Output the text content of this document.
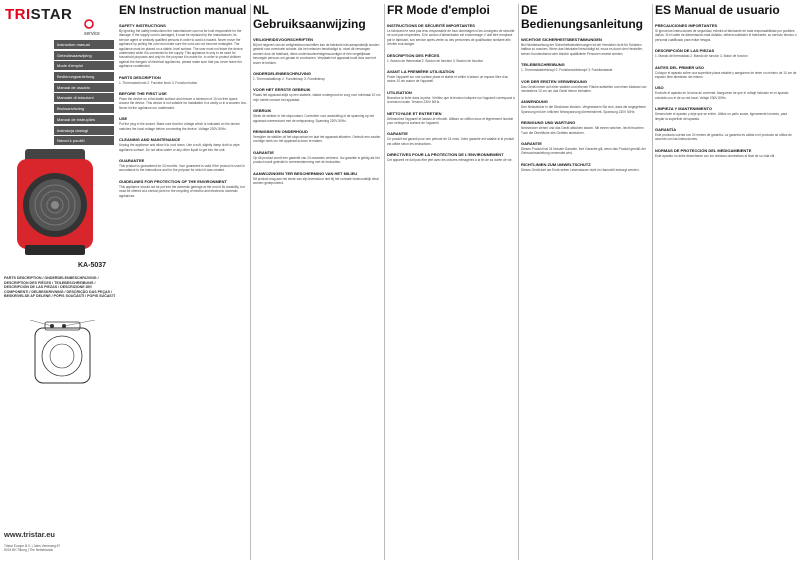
TRISTAR
service
Instruction manual
Gebruiksaanwijzing
Mode d'emploi
Bedienungsanleitung
Manual de usuario
Manuale di istruzioni
Bruksanvisning
Manual de instruções
Instrukcja obsługi
Návod k použití
KA-5037
PARTS DESCRIPTION / ONDERDELENBESCHRIJVING / DESCRIPTION DES PIÈCES / TEILEBESCHREIBUNG / DESCRIPCIÓN DE LAS PIEZAS / DESCRIZIONE DEI COMPONENTI / DELBESKRIVNING / DESCRIÇÃO DAS PEÇAS / BESKRIVELSE AF DELENE / POPIS SOUČÁSTÍ / POPIS SÚČASTÍ
www.tristar.eu
Tristar Europe B.V. | Jules Verneweg 87
5015 BH Tilburg | The Netherlands
EN Instruction manual
SAFETY INSTRUCTIONS

By ignoring the safety instructions the manufacturer can not be hold responsible for the damage. If the supply cord is damaged, it must be replaced by the manufacturer, its service agent or similarly qualified persons in order to avoid a hazard. Never move the appliance by pulling the cord and make sure the cord can not become entangled. The appliance must be placed on a stable, level surface. The user must not leave the device unattended while it is connected to the supply. This appliance is only to be used for household purposes and only for the purpose it is made for. In order to protect children against the dangers of electrical appliances, please make sure that you never leave the appliance unattended.

PARTS DESCRIPTION

1. Thermostat knob 2. Function knob 3. Function button

BEFORE THE FIRST USE

Place the device on a flat stable surface and ensure a minimum of 10 cm free space around the device. This device is not suitable for installation in a cavity or in a wooden box. Never let the appliance run unattended.

USE

Put the plug in the socket. Make sure that the voltage which is indicated on the device matches the local voltage before connecting the device. Voltage 230V 50Hz.

CLEANING AND MAINTENANCE

Unplug the appliance and allow it to cool down. Use a soft, slightly damp cloth to wipe appliance surface. Do not allow water or any other liquid to get into the unit.

GUARANTEE

This product is guaranteed for 24 months. Your guarantee is valid if the product is used in accordance to the instructions and for the purpose for which it was created.

GUIDELINES FOR PROTECTION OF THE ENVIRONMENT

This appliance should not be put into the domestic garbage at the end of its durability, but must be offered at a central point for the recycling of electric and electronic domestic appliances.

NL Gebruiksaanwijzing
VEILIGHEIDSVOORSCHRIFTEN

Bij het negeren van de veiligheidsvoorschriften kan de fabrikant niet aansprakelijk worden gesteld voor eventuele schade. Als het netsnoer beschadigd is, moet dit vervangen worden door de fabrikant, diens onderhoudsvertegenwoordiger of een vergelijkbaar bevoegde persoon om gevaar te voorkomen. Verplaats het apparaat nooit door aan het snoer te trekken.

ONDERDELENBESCHRIJVING

1. Thermostaatknop 2. Functieknop 3. Functieknop

VOOR HET EERSTE GEBRUIK

Plaats het apparaat altijd op een stabiele, vlakke ondergrond en zorg voor minimaal 10 cm vrije ruimte rondom het apparaat.

GEBRUIK

Steek de stekker in het stopcontact. Controleer voor aansluiting of de spanning op het apparaat overeenkomt met de netspanning. Spanning 230V 50Hz.

REINIGING EN ONDERHOUD

Verwijder de stekker uit het stopcontact en laat het apparaat afkoelen. Gebruik een zachte, vochtige doek om het apparaat schoon te maken.

GARANTIE

Op dit product wordt een garantie van 24 maanden verleend. Uw garantie is geldig als het product wordt gebruikt in overeenstemming met de instructies.

AANWIJZINGEN TER BESCHERMING VAN HET MILIEU

Dit product mag aan het einde van zijn levensduur niet bij het normale huishoudelijk afval worden gedeponeerd.

FR Mode d'emploi
INSTRUCTIONS DE SÉCURITÉ IMPORTANTES

Le fabricant ne sera pas tenu responsable de tous dommages si les consignes de sécurité ne sont pas respectées. Si le cordon d'alimentation est endommagé, il doit être remplacé par le fabricant, son service après-vente ou des personnes de qualification similaire afin d'éviter tout danger.

DESCRIPTION DES PIÈCES

1. Bouton de thermostat 2. Bouton de fonction 3. Bouton de fonction

AVANT LA PREMIÈRE UTILISATION

Poser l'appareil sur une surface plane et stable et veiller à laisser un espace libre d'au moins 10 cm autour de l'appareil.

UTILISATION

Branchez la fiche dans la prise. Vérifiez que la tension indiquée sur l'appareil correspond à la tension locale. Tension 230V 50Hz.

NETTOYAGE ET ENTRETIEN

Débranchez l'appareil et laissez-le refroidir. Utilisez un chiffon doux et légèrement humide pour nettoyer la surface de l'appareil.

GARANTIE

Ce produit est garanti pour une période de 24 mois. Votre garantie est valable si le produit est utilisé selon les instructions.

DIRECTIVES POUR LA PROTECTION DE L'ENVIRONNEMENT

Cet appareil ne doit pas être jeté avec les ordures ménagères à la fin de sa durée de vie.

DE Bedienungsanleitung
WICHTIGE SICHERHEITSBESTIMMUNGEN

Bei Nichtbeachtung der Sicherheitsbestimmungen ist der Hersteller nicht für Schäden haftbar zu machen. Wenn das Netzkabel beschädigt ist, muss es durch den Hersteller, seinen Kundendienst oder ähnlich qualifizierte Personen ersetzt werden.

TEILEBESCHREIBUNG

1. Thermostatdrehknopf 2. Funktionsdrehknopf 3. Funktionstaste

VOR DER ERSTEN VERWENDUNG

Das Gerät immer auf einer stabilen und ebenen Fläche aufstellen und einen Abstand von mindestens 10 cm um das Gerät herum einhalten.

ANWENDUNG

Den Netzstecker in die Steckdose stecken. Vergewissern Sie sich, dass die angegebene Spannung mit der örtlichen Netzspannung übereinstimmt. Spannung 230V 50Hz.

REINIGUNG UND WARTUNG

Netzstecker ziehen und das Gerät abkühlen lassen. Mit einem weichen, leicht feuchten Tuch die Oberfläche des Gerätes abwischen.

GARANTIE

Dieses Produkt hat 24 Monate Garantie. Ihre Garantie gilt, wenn das Produkt gemäß der Gebrauchsanleitung verwendet wird.

RICHTLINIEN ZUM UMWELTSCHUTZ

Dieses Gerät darf am Ende seiner Lebensdauer nicht im Hausmüll entsorgt werden.

ES Manual de usuario
PRECAUCIONES IMPORTANTES

Si ignora las instrucciones de seguridad, eximirá al fabricante de toda responsabilidad por posibles daños. Si el cable de alimentación está dañado, deberá sustituirlo el fabricante, su servicio técnico o personal cualificado para evitar riesgos.

DESCRIPCIÓN DE LAS PIEZAS

1. Mando del termostato 2. Mando de función 3. Botón de función

ANTES DEL PRIMER USO

Coloque el aparato sobre una superficie plana estable y asegúrese de tener un mínimo de 10 cm de espacio libre alrededor del mismo.

USO

Enchufe el aparato en la toma de corriente. Asegúrese de que el voltaje indicado en el aparato coincida con el de su red local. Voltaje 230V 50Hz.

LIMPIEZA Y MANTENIMIENTO

Desenchufe el aparato y deje que se enfríe. Utilice un paño suave, ligeramente húmedo, para limpiar la superficie del aparato.

GARANTÍA

Este producto cuenta con 24 meses de garantía. La garantía es válida si el producto se utiliza de acuerdo con las instrucciones.

NORMAS DE PROTECCIÓN DEL MEDIOAMBIENTE

Este aparato no debe desecharse con los residuos domésticos al final de su vida útil.
